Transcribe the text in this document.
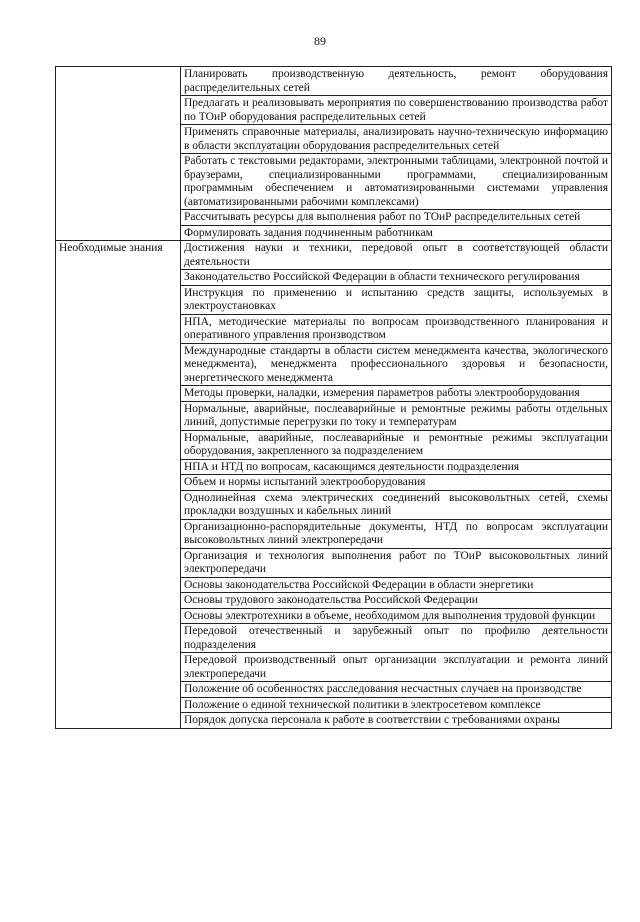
89
	Планировать производственную деятельность, ремонт оборудования распределительных сетей
	Предлагать и реализовывать мероприятия по совершенствованию производства работ по ТОиР оборудования распределительных сетей
	Применять справочные материалы, анализировать научно-техническую информацию в области эксплуатации оборудования распределительных сетей
	Работать с текстовыми редакторами, электронными таблицами, электронной почтой и браузерами, специализированными программами, специализированным программным обеспечением и автоматизированными системами управления (автоматизированными рабочими комплексами)
	Рассчитывать ресурсы для выполнения работ по ТОиР распределительных сетей
	Формулировать задания подчиненным работникам
Необходимые знания	Достижения науки и техники, передовой опыт в соответствующей области деятельности
	Законодательство Российской Федерации в области технического регулирования
	Инструкция по применению и испытанию средств защиты, используемых в электроустановках
	НПА, методические материалы по вопросам производственного планирования и оперативного управления производством
	Международные стандарты в области систем менеджмента качества, экологического менеджмента), менеджмента профессионального здоровья и безопасности, энергетического менеджмента
	Методы проверки, наладки, измерения параметров работы электрооборудования
	Нормальные, аварийные, послеаварийные и ремонтные режимы работы отдельных линий, допустимые перегрузки по току и температурам
	Нормальные, аварийные, послеаварийные и ремонтные режимы эксплуатации оборудования, закрепленного за подразделением
	НПА и НТД по вопросам, касающимся деятельности подразделения
	Объем и нормы испытаний электрооборудования
	Однолинейная схема электрических соединений высоковольтных сетей, схемы прокладки воздушных и кабельных линий
	Организационно-распорядительные документы, НТД по вопросам эксплуатации высоковольтных линий электропередачи
	Организация и технология выполнения работ по ТОиР высоковольтных линий электропередачи
	Основы законодательства Российской Федерации в области энергетики
	Основы трудового законодательства Российской Федерации
	Основы электротехники в объеме, необходимом для выполнения трудовой функции
	Передовой отечественный и зарубежный опыт по профилю деятельности подразделения
	Передовой производственный опыт организации эксплуатации и ремонта линий электропередачи
	Положение об особенностях расследования несчастных случаев на производстве
	Положение о единой технической политики в электросетевом комплексе
	Порядок допуска персонала к работе в соответствии с требованиями охраны
